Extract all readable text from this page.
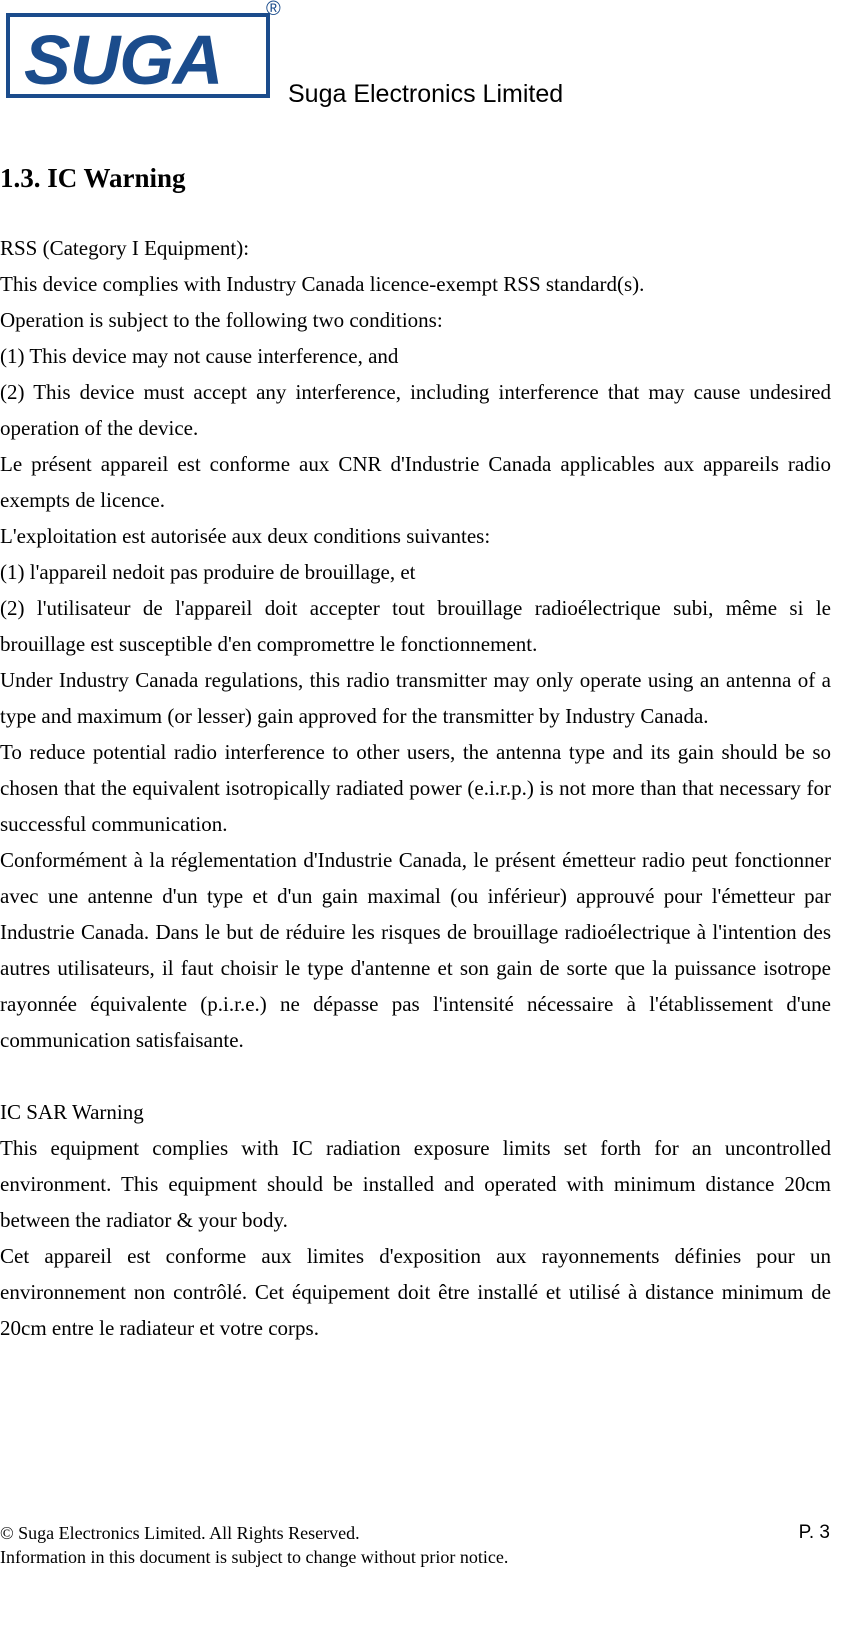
SUGA
®
Suga Electronics Limited
1.3. IC Warning

RSS (Category I Equipment):

This device complies with Industry Canada licence-exempt RSS standard(s).

Operation is subject to the following two conditions:

(1) This device may not cause interference, and

(2) This device must accept any interference, including interference that may cause undesired operation of the device.

Le présent appareil est conforme aux CNR d'Industrie Canada applicables aux appareils radio exempts de licence.

L'exploitation est autorisée aux deux conditions suivantes:

(1) l'appareil nedoit pas produire de brouillage, et

(2) l'utilisateur de l'appareil doit accepter tout brouillage radioélectrique subi, même si le brouillage est susceptible d'en compromettre le fonctionnement.

Under Industry Canada regulations, this radio transmitter may only operate using an antenna of a type and maximum (or lesser) gain approved for the transmitter by Industry Canada.

To reduce potential radio interference to other users, the antenna type and its gain should be so chosen that the equivalent isotropically radiated power (e.i.r.p.) is not more than that necessary for successful communication.

Conformément à la réglementation d'Industrie Canada, le présent émetteur radio peut fonctionner avec une antenne d'un type et d'un gain maximal (ou inférieur) approuvé pour l'émetteur par Industrie Canada. Dans le but de réduire les risques de brouillage radioélectrique à l'intention des autres utilisateurs, il faut choisir le type d'antenne et son gain de sorte que la puissance isotrope rayonnée équivalente (p.i.r.e.) ne dépasse pas l'intensité nécessaire à l'établissement d'une communication satisfaisante.

IC SAR Warning

This equipment complies with IC radiation exposure limits set forth for an uncontrolled environment. This equipment should be installed and operated with minimum distance 20cm between the radiator & your body.

Cet appareil est conforme aux limites d'exposition aux rayonnements définies pour un environnement non contrôlé. Cet équipement doit être installé et utilisé à distance minimum de 20cm entre le radiateur et votre corps.

© Suga Electronics Limited. All Rights Reserved.
Information in this document is subject to change without prior notice.
P. 3
